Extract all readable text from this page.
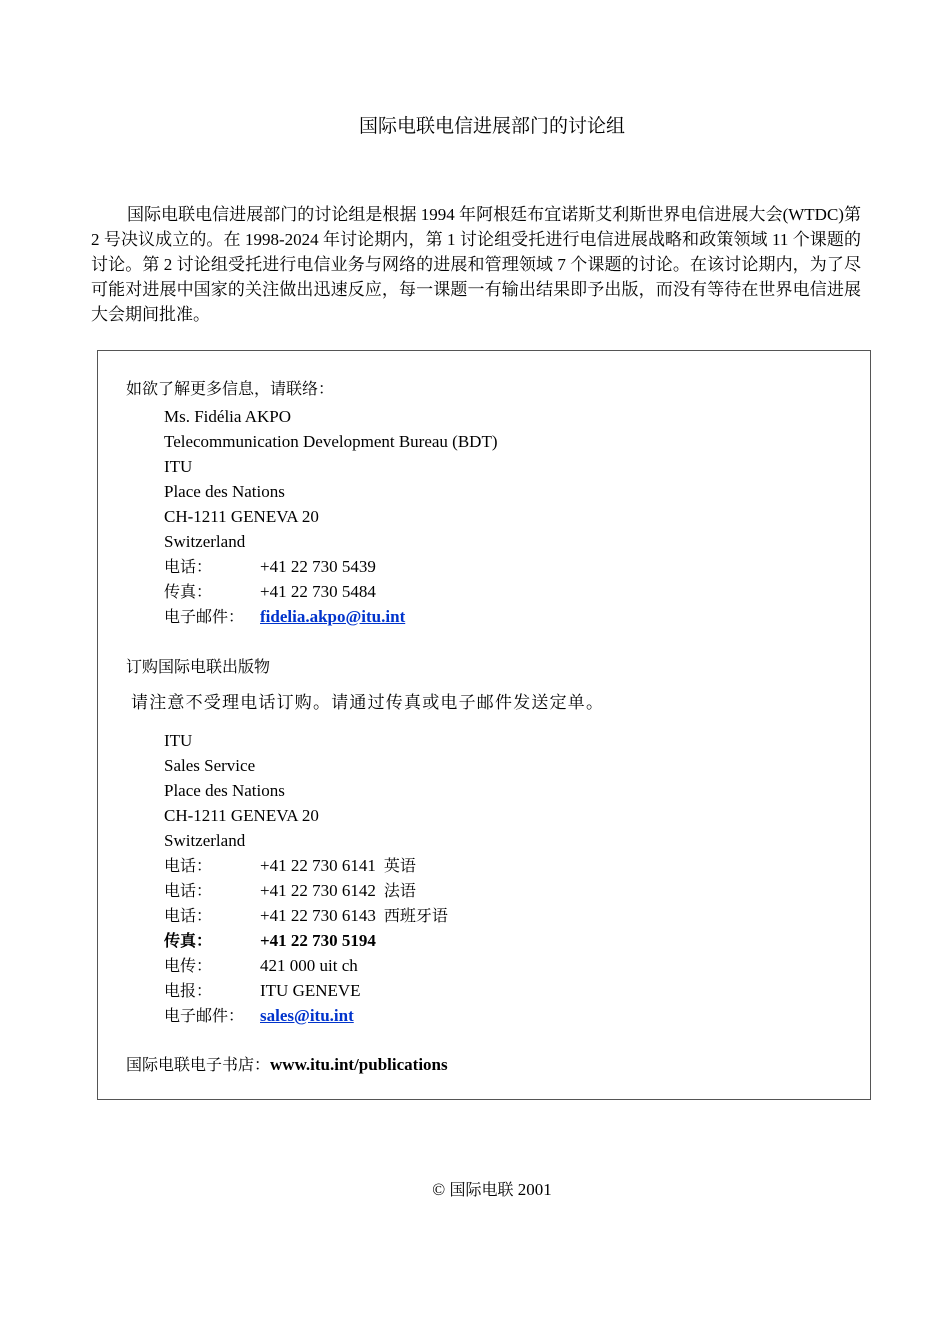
国际电联电信进展部门的讨论组
国际电联电信进展部门的讨论组是根据 1994 年阿根廷布宜诺斯艾利斯世界电信进展大会(WTDC)第 2 号决议成立的。在 1998-2024 年讨论期内，第 1 讨论组受托进行电信进展战略和政策领域 11 个课题的讨论。第 2 讨论组受托进行电信业务与网络的进展和管理领域 7 个课题的讨论。在该讨论期内，为了尽可能对进展中国家的关注做出迅速反应，每一课题一有输出结果即予出版，而没有等待在世界电信进展大会期间批准。
如欲了解更多信息，请联络：
Ms. Fidélia AKPO
Telecommunication Development Bureau (BDT)
ITU
Place des Nations
CH-1211 GENEVA 20
Switzerland
电话：	+41 22 730 5439
传真：	+41 22 730 5484
电子邮件： fidelia.akpo@itu.int
订购国际电联出版物
请注意不受理电话订购。请通过传真或电子邮件发送定单。
ITU
Sales Service
Place des Nations
CH-1211 GENEVA 20
Switzerland
电话：	+41 22 730 6141 英语
电话：	+41 22 730 6142 法语
电话：	+41 22 730 6143 西班牙语
传真：	+41 22 730 5194
电传：	421 000 uit ch
电报：	ITU GENEVE
电子邮件： sales@itu.int
国际电联电子书店：www.itu.int/publications
© 国际电联 2001
